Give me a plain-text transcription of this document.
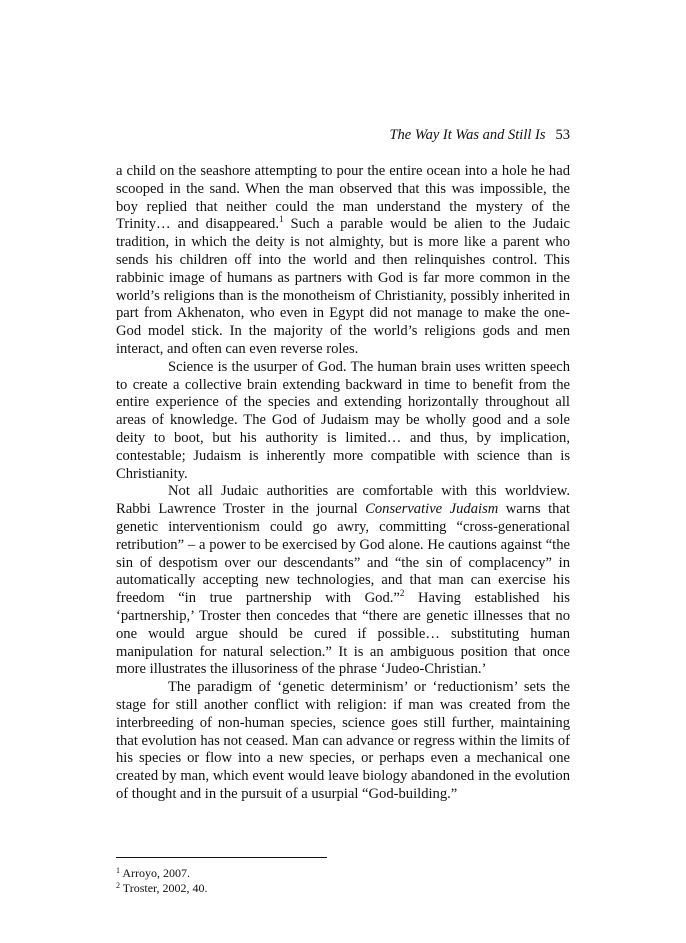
The Way It Was and Still Is 53

a child on the seashore attempting to pour the entire ocean into a hole he had scooped in the sand. When the man observed that this was impossible, the boy replied that neither could the man understand the mystery of the Trinity… and disappeared.$^1$ Such a parable would be alien to the Judaic tradition, in which the deity is not almighty, but is more like a parent who sends his children off into the world and then relinquishes control. This rabbinic image of humans as partners with God is far more common in the world’s religions than is the monotheism of Christianity, possibly inherited in part from Akhenaton, who even in Egypt did not manage to make the one-God model stick. In the majority of the world’s religions gods and men interact, and often can even reverse roles.

Science is the usurper of God. The human brain uses written speech to create a collective brain extending backward in time to benefit from the entire experience of the species and extending horizontally throughout all areas of knowledge. The God of Judaism may be wholly good and a sole deity to boot, but his authority is limited… and thus, by implication, contestable; Judaism is inherently more compatible with science than is Christianity.

Not all Judaic authorities are comfortable with this worldview. Rabbi Lawrence Troster in the journal Conservative Judaism warns that genetic interventionism could go awry, committing “cross-generational retribution” – a power to be exercised by God alone. He cautions against “the sin of despotism over our descendants” and “the sin of complacency” in automatically accepting new technologies, and that man can exercise his freedom “in true partnership with God.”$^2$ Having established his ‘partnership,’ Troster then concedes that “there are genetic illnesses that no one would argue should be cured if possible… substituting human manipulation for natural selection.” It is an ambiguous position that once more illustrates the illusoriness of the phrase ‘Judeo-Christian.’

The paradigm of ‘genetic determinism’ or ‘reductionism’ sets the stage for still another conflict with religion: if man was created from the interbreeding of non-human species, science goes still further, maintaining that evolution has not ceased. Man can advance or regress within the limits of his species or flow into a new species, or perhaps even a mechanical one created by man, which event would leave biology abandoned in the evolution of thought and in the pursuit of a usurpial “God-building.”

$^1$ Arroyo, 2007.

$^2$ Troster, 2002, 40.
